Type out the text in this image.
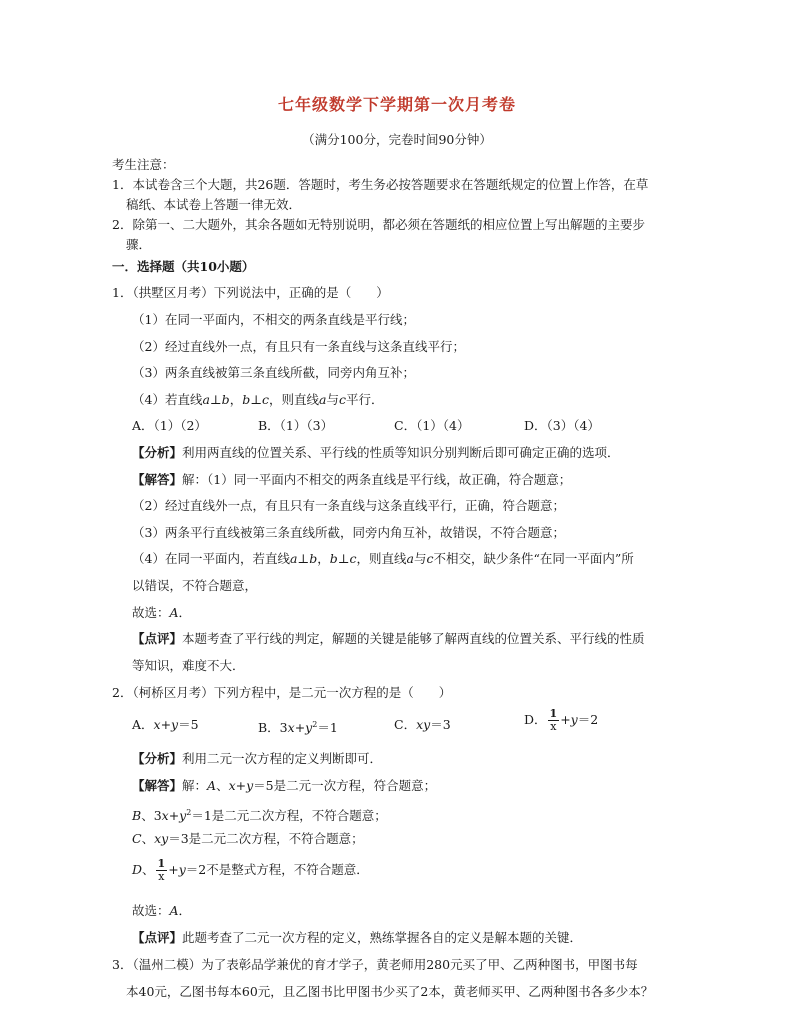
七年级数学下学期第一次月考卷
（满分100分，完卷时间90分钟）
考生注意：
1．本试卷含三个大题，共26题．答题时，考生务必按答题要求在答题纸规定的位置上作答，在草
稿纸、本试卷上答题一律无效．
2．除第一、二大题外，其余各题如无特别说明，都必须在答题纸的相应位置上写出解题的主要步
骤．
一．选择题（共10小题）
1．（拱墅区月考）下列说法中，正确的是（　　）
（1）在同一平面内，不相交的两条直线是平行线；
（2）经过直线外一点，有且只有一条直线与这条直线平行；
（3）两条直线被第三条直线所截，同旁内角互补；
（4）若直线a⊥b，b⊥c，则直线a与c平行．
A．（1）（2）	B．（1）（3）	C．（1）（4）	D．（3）（4）
【分析】利用两直线的位置关系、平行线的性质等知识分别判断后即可确定正确的选项．
【解答】解：（1）同一平面内不相交的两条直线是平行线，故正确，符合题意；
（2）经过直线外一点，有且只有一条直线与这条直线平行，正确，符合题意；
（3）两条平行直线被第三条直线所截，同旁内角互补，故错误，不符合题意；
（4）在同一平面内，若直线a⊥b，b⊥c，则直线a与c不相交，缺少条件“在同一平面内”所
以错误，不符合题意，
故选：A．
【点评】本题考查了平行线的判定，解题的关键是能够了解两直线的位置关系、平行线的性质
等知识，难度不大．
2．（柯桥区月考）下列方程中，是二元一次方程的是（　　）
A．x+y＝5	B．$3x+y^2=1$	C．xy＝3	D． $\frac{1}{x} +y=2$
【分析】利用二元一次方程的定义判断即可．
【解答】解：A、x+y＝5是二元一次方程，符合题意；
B、$3x+y^2=1$是二元二次方程，不符合题意；
C、xy＝3是二元二次方程，不符合题意；
D、 $\frac{1}{x} +y=2$不是整式方程，不符合题意．
故选：A．
【点评】此题考查了二元一次方程的定义，熟练掌握各自的定义是解本题的关键．
3．（温州二模）为了表彰品学兼优的育才学子，黄老师用280元买了甲、乙两种图书，甲图书每
本40元，乙图书每本60元，且乙图书比甲图书少买了2本，黄老师买甲、乙两种图书各多少本？
